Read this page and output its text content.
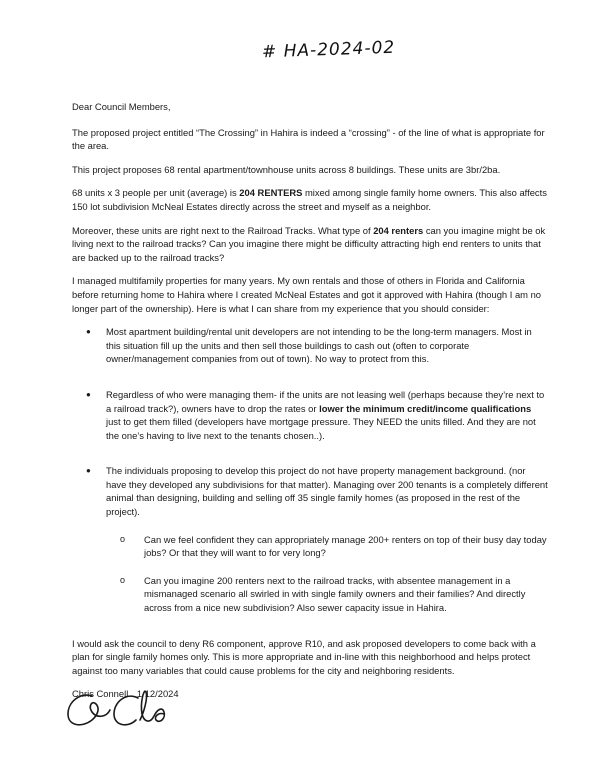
# HA-2024-02

Dear Council Members,

The proposed project entitled “The Crossing” in Hahira is indeed a “crossing” - of the line of what is appropriate for the area.

This project proposes 68 rental apartment/townhouse units across 8 buildings. These units are 3br/2ba.

68 units x 3 people per unit (average) is 204 RENTERS mixed among single family home owners. This also affects 150 lot subdivision McNeal Estates directly across the street and myself as a neighbor.

Moreover, these units are right next to the Railroad Tracks. What type of 204 renters can you imagine might be ok living next to the railroad tracks? Can you imagine there might be difficulty attracting high end renters to units that are backed up to the railroad tracks?

I managed multifamily properties for many years. My own rentals and those of others in Florida and California before returning home to Hahira where I created McNeal Estates and got it approved with Hahira (though I am no longer part of the ownership). Here is what I can share from my experience that you should consider:

● Most apartment building/rental unit developers are not intending to be the long-term managers. Most in this situation fill up the units and then sell those buildings to cash out (often to corporate owner/management companies from out of town). No way to protect from this.
● Regardless of who were managing them- if the units are not leasing well (perhaps because they’re next to a railroad track?), owners have to drop the rates or lower the minimum credit/income qualifications just to get them filled (developers have mortgage pressure. They NEED the units filled. And they are not the one’s having to live next to the tenants chosen..).
● The individuals proposing to develop this project do not have property management background. (nor have they developed any subdivisions for that matter). Managing over 200 tenants is a completely different animal than designing, building and selling off 35 single family homes (as proposed in the rest of the project).
o Can we feel confident they can appropriately manage 200+ renters on top of their busy day today jobs? Or that they will want to for very long?
o Can you imagine 200 renters next to the railroad tracks, with absentee management in a mismanaged scenario all swirled in with single family owners and their families? And directly across from a nice new subdivision? Also sewer capacity issue in Hahira.

I would ask the council to deny R6 component, approve R10, and ask proposed developers to come back with a plan for single family homes only. This is more appropriate and in-line with this neighborhood and helps protect against too many variables that could cause problems for the city and neighboring residents.

Chris Connell 1/12/2024
